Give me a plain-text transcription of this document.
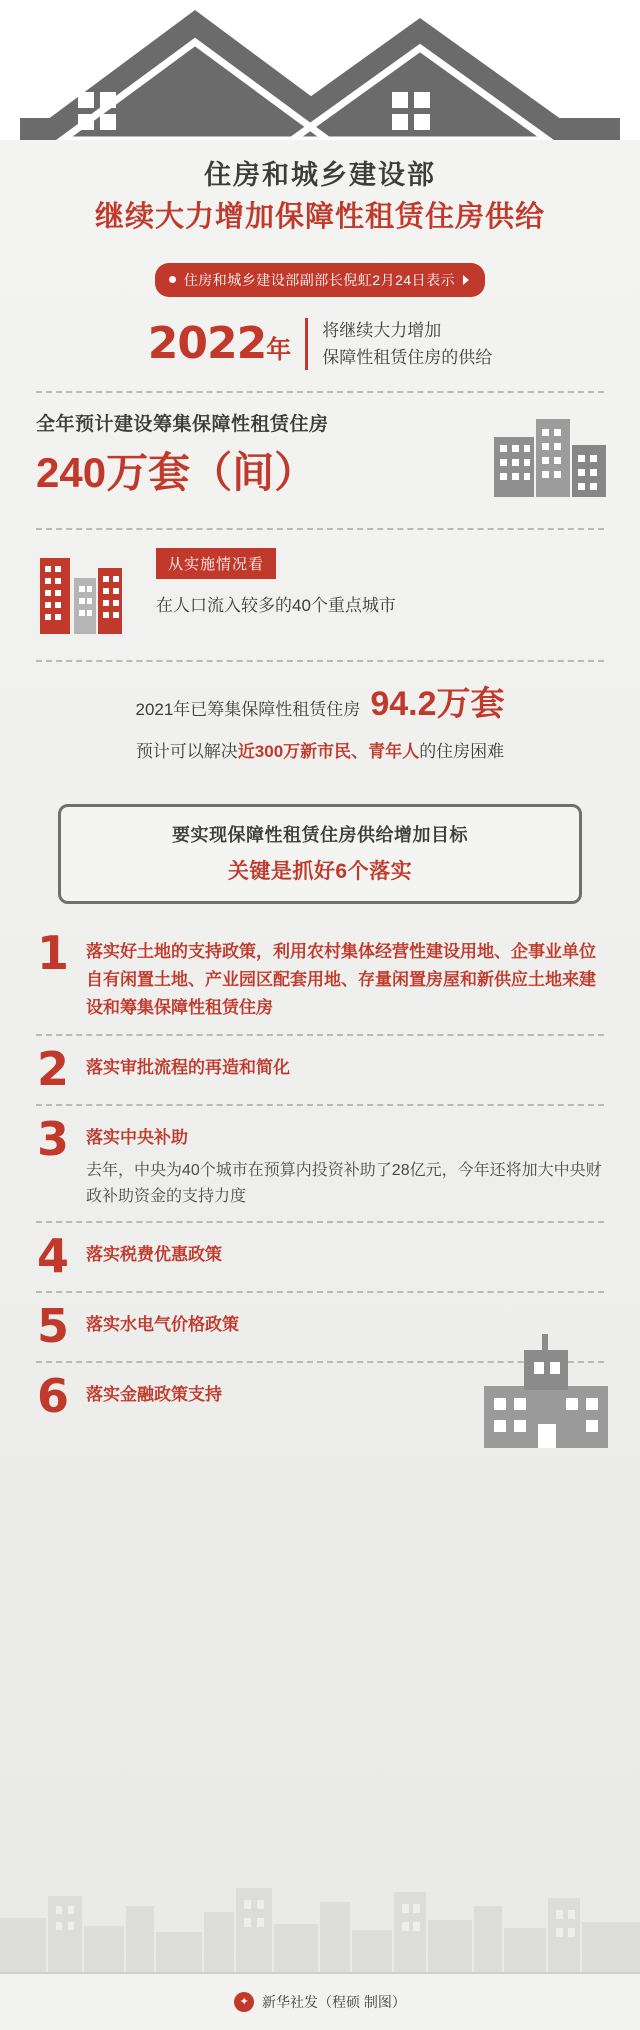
住房和城乡建设部
继续大力增加保障性租赁住房供给
住房和城乡建设部副部长倪虹2月24日表示
2022年
将继续大力增加
保障性租赁住房的供给
全年预计建设筹集保障性租赁住房
240万套（间）
从实施情况看
在人口流入较多的40个重点城市
2021年已筹集保障性租赁住房 94.2万套
预计可以解决近300万新市民、青年人的住房困难
要实现保障性租赁住房供给增加目标
关键是抓好6个落实
1 落实好土地的支持政策，利用农村集体经营性建设用地、企事业单位自有闲置土地、产业园区配套用地、存量闲置房屋和新供应土地来建设和筹集保障性租赁住房
2 落实审批流程的再造和简化
3 落实中央补助
去年，中央为40个城市在预算内投资补助了28亿元，今年还将加大中央财政补助资金的支持力度
4 落实税费优惠政策
5 落实水电气价格政策
6 落实金融政策支持
✦ 新华社发（程硕 制图）
